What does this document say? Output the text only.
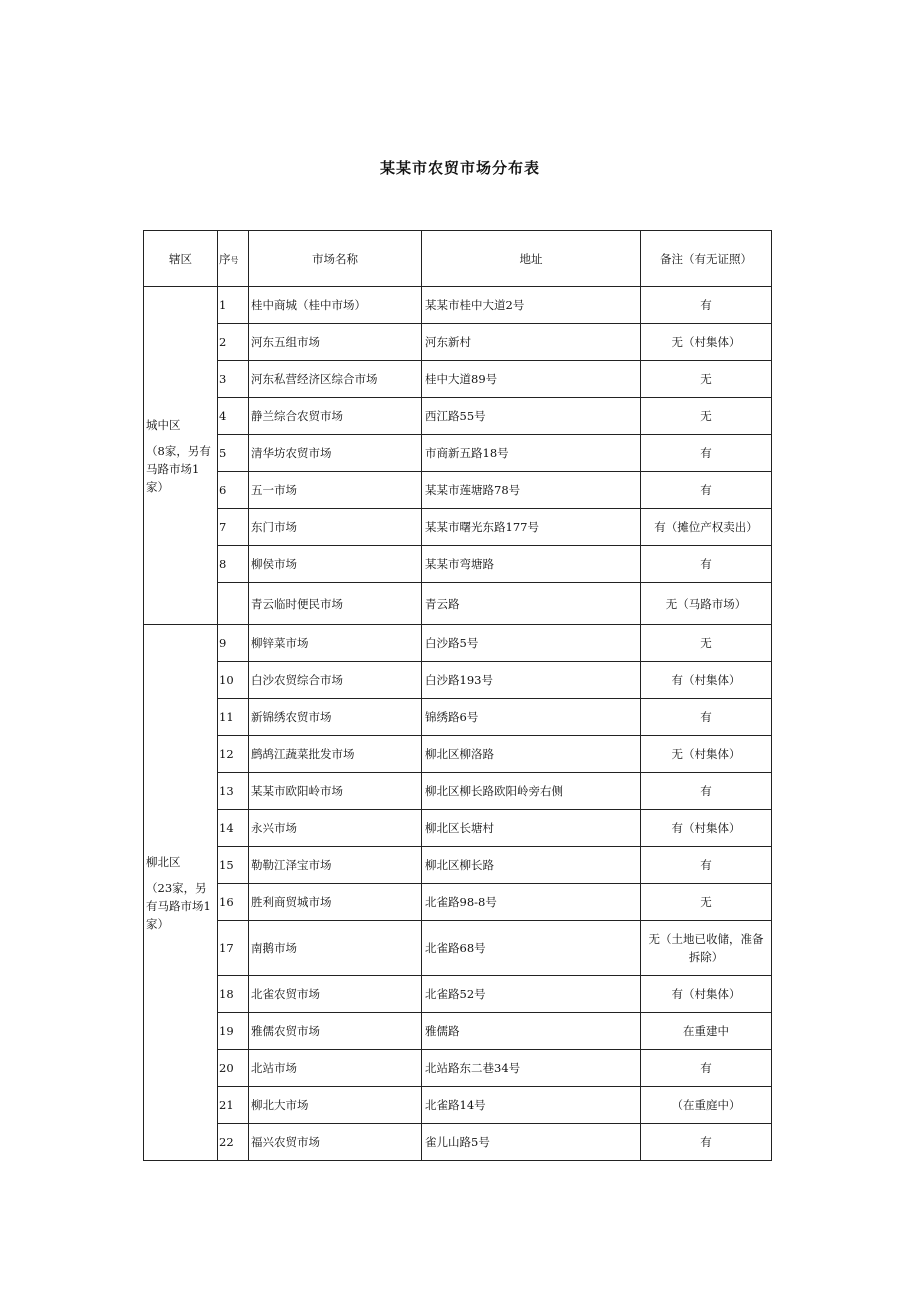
某某市农贸市场分布表
辖区	序号	市场名称	地址	备注（有无证照）
城中区
（8家，另有马路市场1家）	1	桂中商城（桂中市场）	某某市桂中大道2号	有
	2	河东五组市场	河东新村	无（村集体）
	3	河东私营经济区综合市场	桂中大道89号	无
	4	静兰综合农贸市场	西江路55号	无
	5	清华坊农贸市场	市商新五路18号	有
	6	五一市场	某某市莲塘路78号	有
	7	东门市场	某某市曙光东路177号	有（摊位产权卖出）
	8	柳侯市场	某某市弯塘路	有
		青云临时便民市场	青云路	无（马路市场）
柳北区
（23家，另有马路市场1家）	9	柳锌菜市场	白沙路5号	无
	10	白沙农贸综合市场	白沙路193号	有（村集体）
	11	新锦绣农贸市场	锦绣路6号	有
	12	鹧鸪江蔬菜批发市场	柳北区柳洛路	无（村集体）
	13	某某市欧阳岭市场	柳北区柳长路欧阳岭旁右侧	有
	14	永兴市场	柳北区长塘村	有（村集体）
	15	勒勒江泽宝市场	柳北区柳长路	有
	16	胜利商贸城市场	北雀路98-8号	无
	17	南鹅市场	北雀路68号	无（土地已收储，准备拆除）
	18	北雀农贸市场	北雀路52号	有（村集体）
	19	雅儒农贸市场	雅儒路	在重建中
	20	北站市场	北站路东二巷34号	有
	21	柳北大市场	北雀路14号	（在重庭中）
	22	福兴农贸市场	雀儿山路5号	有
